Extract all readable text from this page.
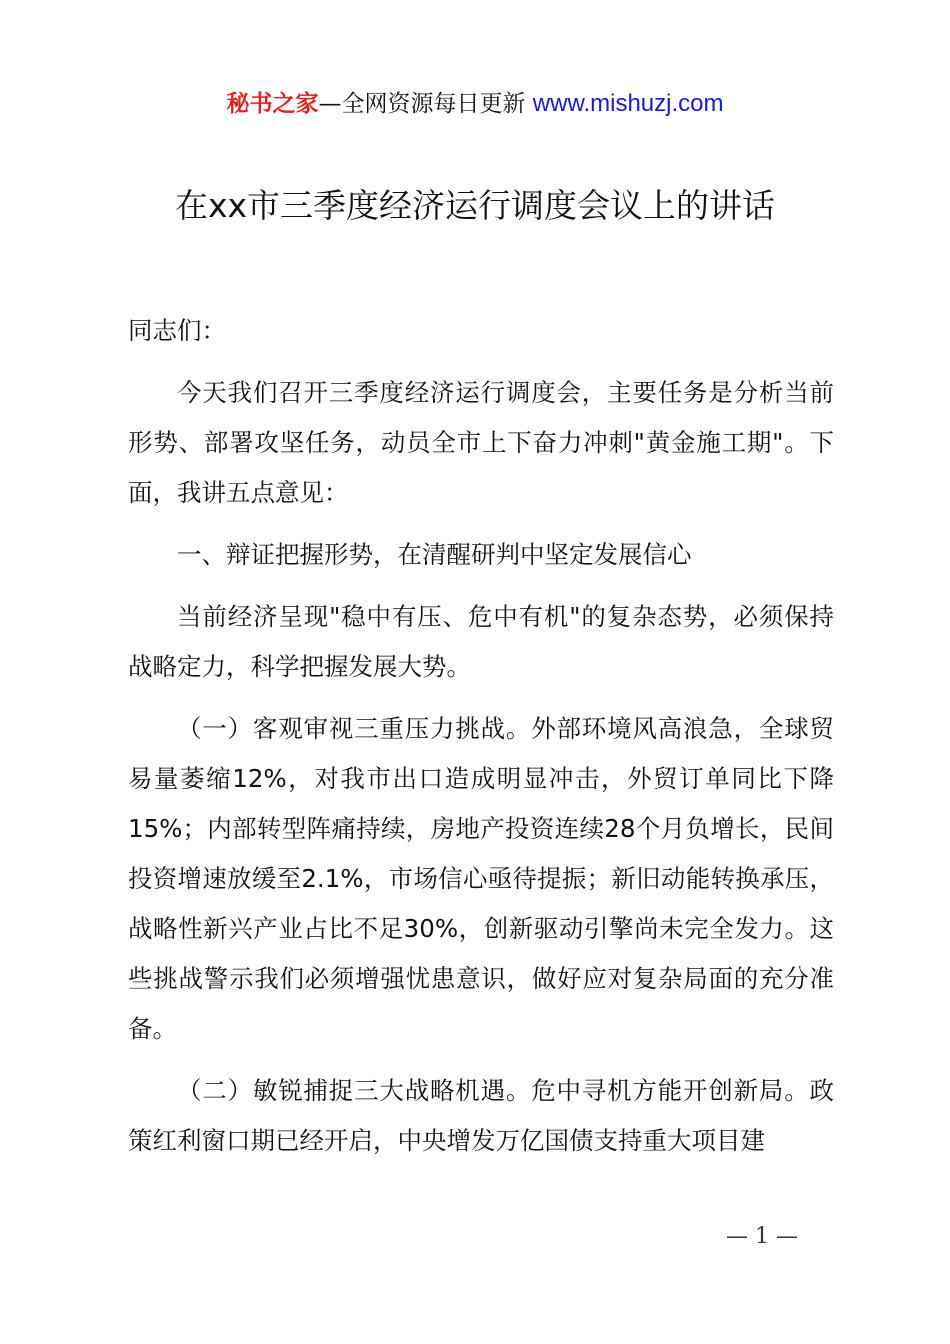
秘书之家—全网资源每日更新 www.mishuzj.com
在xx市三季度经济运行调度会议上的讲话

同志们：

今天我们召开三季度经济运行调度会，主要任务是分析当前形势、部署攻坚任务，动员全市上下奋力冲刺"黄金施工期"。下面，我讲五点意见：

一、辩证把握形势，在清醒研判中坚定发展信心

当前经济呈现"稳中有压、危中有机"的复杂态势，必须保持战略定力，科学把握发展大势。

（一）客观审视三重压力挑战。外部环境风高浪急，全球贸易量萎缩12%，对我市出口造成明显冲击，外贸订单同比下降15%；内部转型阵痛持续，房地产投资连续28个月负增长，民间投资增速放缓至2.1%，市场信心亟待提振；新旧动能转换承压，战略性新兴产业占比不足30%，创新驱动引擎尚未完全发力。这些挑战警示我们必须增强忧患意识，做好应对复杂局面的充分准备。

（二）敏锐捕捉三大战略机遇。危中寻机方能开创新局。政策红利窗口期已经开启，中央增发万亿国债支持重大项目建

— 1 —
